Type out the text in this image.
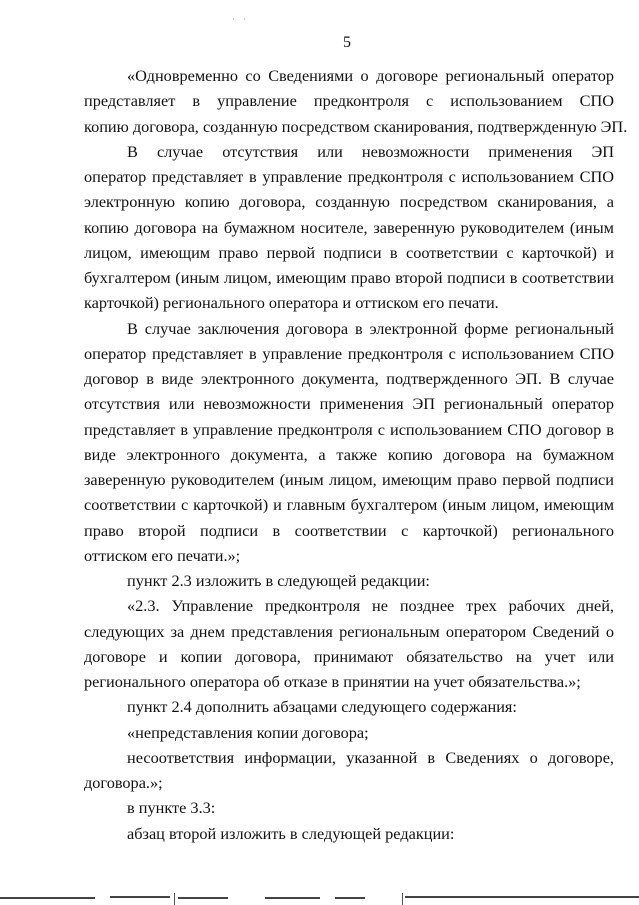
· ·
5
«Одновременно со Сведениями о договоре региональный оператор
представляет в управление предконтроля с использованием СПО
копию договора, созданную посредством сканирования, подтвержденную ЭП.
В случае отсутствия или невозможности применения ЭП
оператор представляет в управление предконтроля с использованием СПО
электронную копию договора, созданную посредством сканирования, а
копию договора на бумажном носителе, заверенную руководителем (иным
лицом, имеющим право первой подписи в соответствии с карточкой) и
бухгалтером (иным лицом, имеющим право второй подписи в соответствии
карточкой) регионального оператора и оттиском его печати.
В случае заключения договора в электронной форме региональный
оператор представляет в управление предконтроля с использованием СПО
договор в виде электронного документа, подтвержденного ЭП. В случае
отсутствия или невозможности применения ЭП региональный оператор
представляет в управление предконтроля с использованием СПО договор в
виде электронного документа, а также копию договора на бумажном
заверенную руководителем (иным лицом, имеющим право первой подписи
соответствии с карточкой) и главным бухгалтером (иным лицом, имеющим
право второй подписи в соответствии с карточкой) регионального
оттиском его печати.»;
пункт 2.3 изложить в следующей редакции:
«2.3. Управление предконтроля не позднее трех рабочих дней,
следующих за днем представления региональным оператором Сведений о
договоре и копии договора, принимают обязательство на учет или
регионального оператора об отказе в принятии на учет обязательства.»;
пункт 2.4 дополнить абзацами следующего содержания:
«непредставления копии договора;
несоответствия информации, указанной в Сведениях о договоре,
договора.»;
в пункте 3.3:
абзац второй изложить в следующей редакции:
